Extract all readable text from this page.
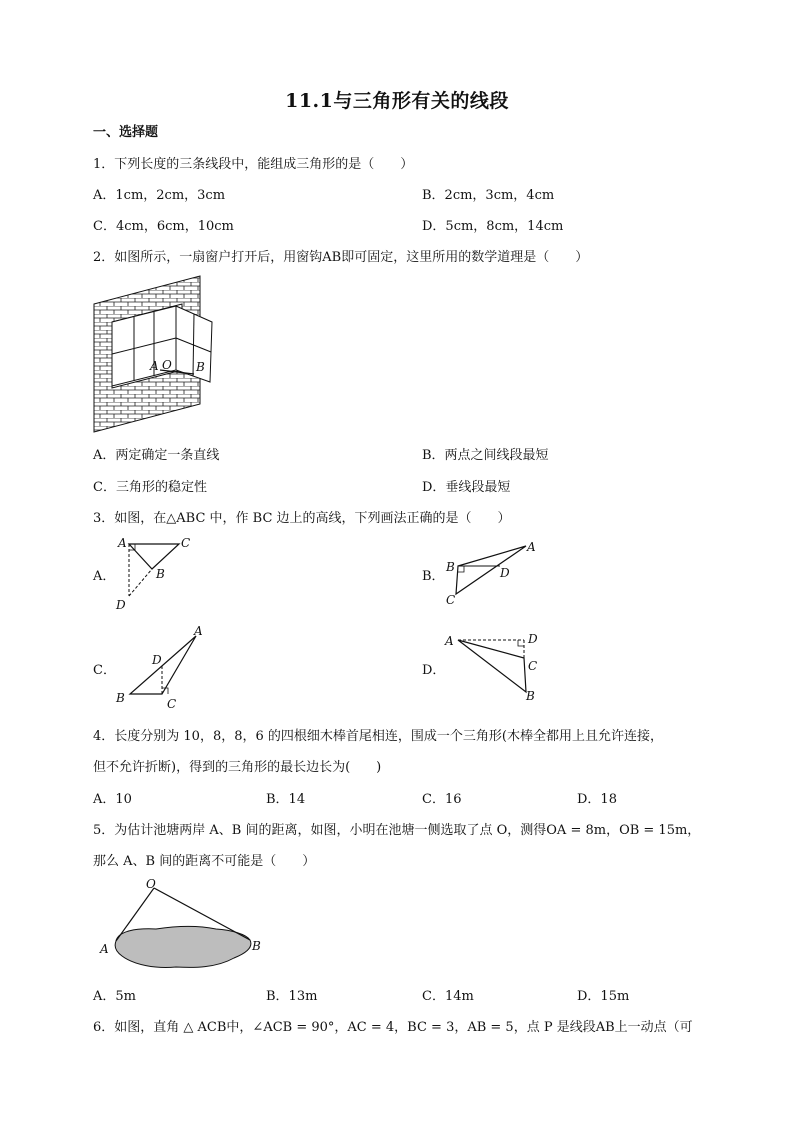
11.1与三角形有关的线段
一、选择题
1．下列长度的三条线段中，能组成三角形的是（　　）
A．1cm，2cm，3cm	B．2cm，3cm，4cm
C．4cm，6cm，10cm	D．5cm，8cm，14cm
2．如图所示，一扇窗户打开后，用窗钩AB即可固定，这里所用的数学道理是（　　）
A O B
A．两定确定一条直线	B．两点之间线段最短
C．三角形的稳定性	D．垂线段最短
3．如图，在△ABC 中，作 BC 边上的高线，下列画法正确的是（　　）
A．
A	C
B
D
B．
B
A
D
C
C．
A
D
B	C
D．
A	D
C
B
4．长度分别为 10，8，8，6 的四根细木棒首尾相连，围成一个三角形(木棒全都用上且允许连接，
但不允许折断)，得到的三角形的最长边长为(　　)
A．10	B．14	C．16	D．18
5．为估计池塘两岸 A、B 间的距离，如图，小明在池塘一侧选取了点 O，测得OA = 8m，OB = 15m，
那么 A、B 间的距离不可能是（　　）
O
A	B
A．5m	B．13m	C．14m	D．15m
6．如图，直角 △ ACB中，∠ACB = 90°，AC = 4，BC = 3，AB = 5，点 P 是线段AB上一动点（可
